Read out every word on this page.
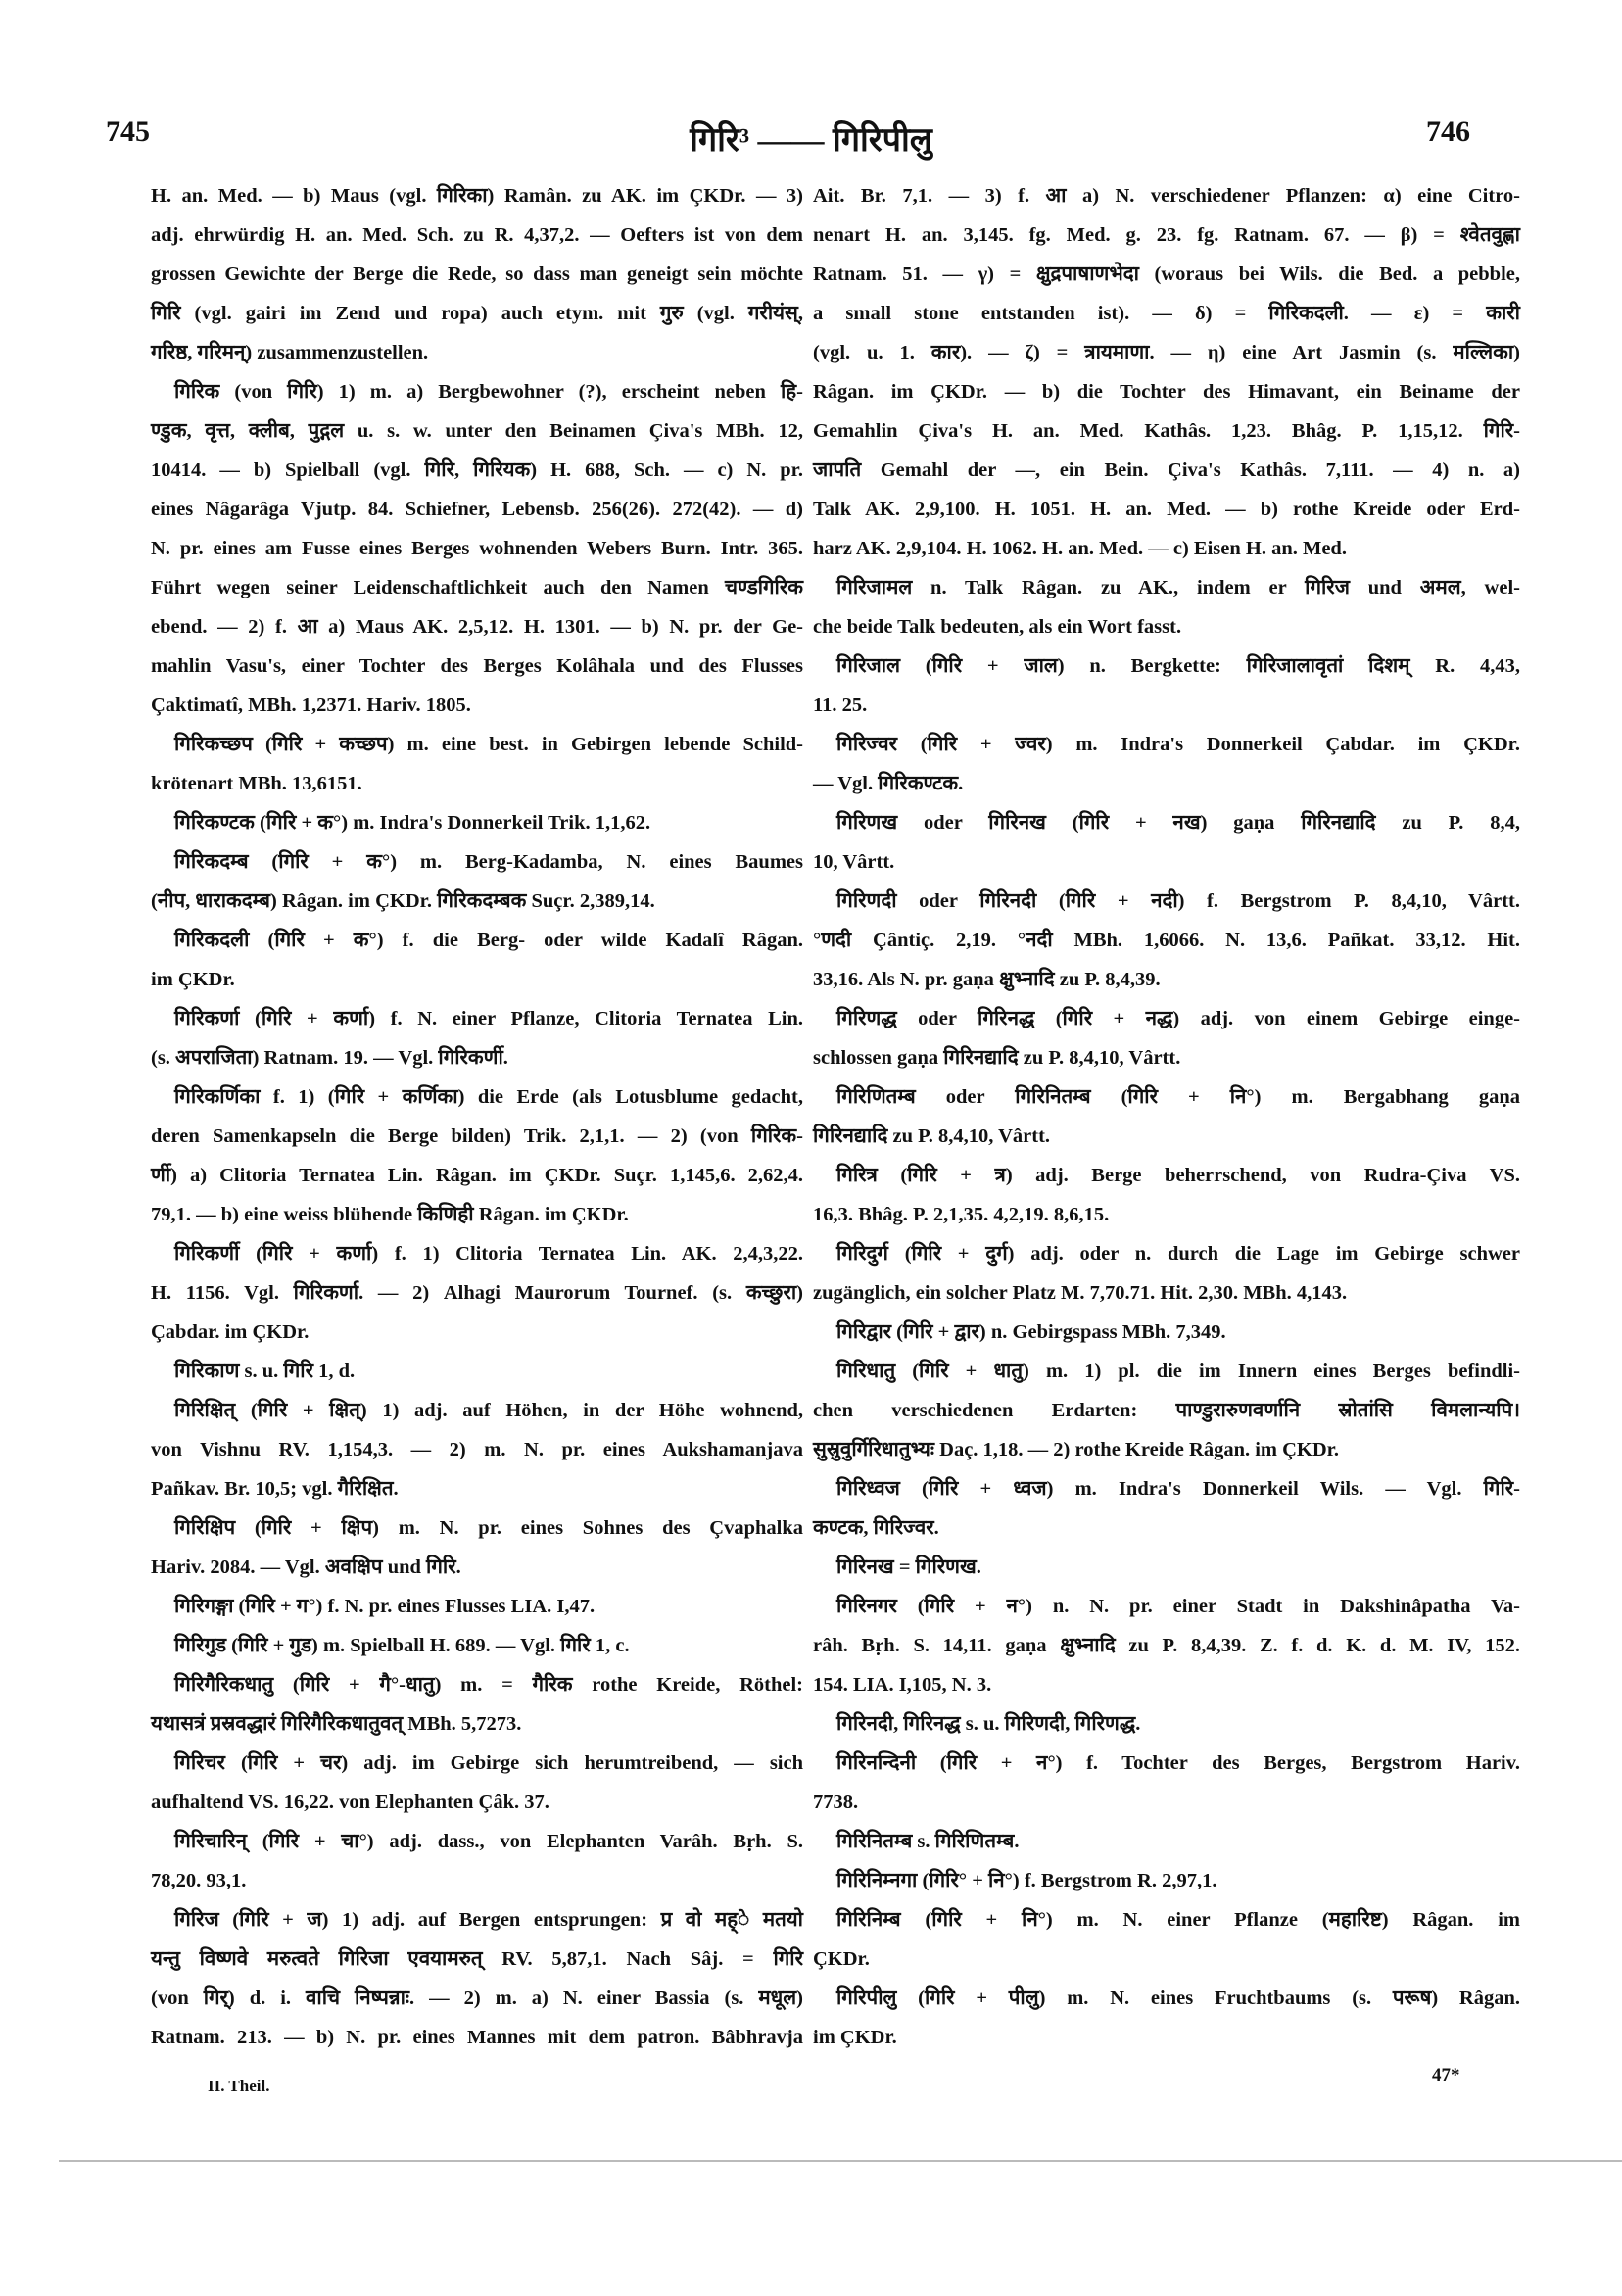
745	गिरि³ —— गिरिपीलु	746
H. an. Med. — b) Maus (vgl. गिरिका) Ramân. zu AK. im ÇKDr. — 3)
adj. ehrwürdig H. an. Med. Sch. zu R. 4,37,2. — Oefters ist von dem
grossen Gewichte der Berge die Rede, so dass man geneigt sein möchte
गिरि (vgl. gairi im Zend und ropa) auch etym. mit गुरु (vgl. गरीयंस्,
गरिष्ठ, गरिमन्) zusammenzustellen.
गिरिक (von गिरि) 1) m. a) Bergbewohner (?), erscheint neben हि-
ण्डुक, वृत्त, क्लीब, पुद्गल u. s. w. unter den Beinamen Çiva's MBh. 12,
10414. — b) Spielball (vgl. गिरि, गिरियक) H. 688, Sch. — c) N. pr.
eines Nâgarâga Vjutp. 84. Schiefner, Lebensb. 256(26). 272(42). — d)
N. pr. eines am Fusse eines Berges wohnenden Webers Burn. Intr. 365.
Führt wegen seiner Leidenschaftlichkeit auch den Namen चण्डगिरिक
ebend. — 2) f. आ a) Maus AK. 2,5,12. H. 1301. — b) N. pr. der Ge-
mahlin Vasu's, einer Tochter des Berges Kolâhala und des Flusses
Çaktimatî, MBh. 1,2371. Hariv. 1805.
गिरिकच्छप (गिरि + कच्छप) m. eine best. in Gebirgen lebende Schild-
krötenart MBh. 13,6151.
गिरिकण्टक (गिरि + क°) m. Indra's Donnerkeil Trik. 1,1,62.
गिरिकदम्ब (गिरि + क°) m. Berg-Kadamba, N. eines Baumes
(नीप, धाराकदम्ब) Râgan. im ÇKDr. गिरिकदम्बक Suçr. 2,389,14.
गिरिकदली (गिरि + क°) f. die Berg- oder wilde Kadalî Râgan.
im ÇKDr.
गिरिकर्णा (गिरि + कर्णा) f. N. einer Pflanze, Clitoria Ternatea Lin.
(s. अपराजिता) Ratnam. 19. — Vgl. गिरिकर्णी.
गिरिकर्णिका f. 1) (गिरि + कर्णिका) die Erde (als Lotusblume gedacht,
deren Samenkapseln die Berge bilden) Trik. 2,1,1. — 2) (von गिरिक-
र्णी) a) Clitoria Ternatea Lin. Râgan. im ÇKDr. Suçr. 1,145,6. 2,62,4.
79,1. — b) eine weiss blühende किणिही Râgan. im ÇKDr.
गिरिकर्णी (गिरि + कर्णा) f. 1) Clitoria Ternatea Lin. AK. 2,4,3,22.
H. 1156. Vgl. गिरिकर्णा. — 2) Alhagi Maurorum Tournef. (s. कच्छुरा)
Çabdar. im ÇKDr.
गिरिकाण s. u. गिरि 1, d.
गिरिक्षित् (गिरि + क्षित्) 1) adj. auf Höhen, in der Höhe wohnend,
von Vishnu RV. 1,154,3. — 2) m. N. pr. eines Aukshamanjava
Pañkav. Br. 10,5; vgl. गैरिक्षित.
गिरिक्षिप (गिरि + क्षिप) m. N. pr. eines Sohnes des Çvaphalka
Hariv. 2084. — Vgl. अवक्षिप und गिरि.
गिरिगङ्गा (गिरि + ग°) f. N. pr. eines Flusses LIA. I,47.
गिरिगुड (गिरि + गुड) m. Spielball H. 689. — Vgl. गिरि 1, c.
गिरिगैरिकधातु (गिरि + गै°-धातु) m. = गैरिक rothe Kreide, Röthel:
यथासत्रं प्रस्रवद्धारं गिरिगैरिकधातुवत् MBh. 5,7273.
गिरिचर (गिरि + चर) adj. im Gebirge sich herumtreibend, — sich
aufhaltend VS. 16,22. von Elephanten Çâk. 37.
गिरिचारिन् (गिरि + चा°) adj. dass., von Elephanten Varâh. Bṛh. S.
78,20. 93,1.
गिरिज (गिरि + ज) 1) adj. auf Bergen entsprungen: प्र वो मह्े मतयो
यन्तु विष्णवे मरुत्वते गिरिजा एवयामरुत् RV. 5,87,1. Nach Sâj. = गिरि
(von गिर्) d. i. वाचि निष्पन्नाः. — 2) m. a) N. einer Bassia (s. मधूल)
Ratnam. 213. — b) N. pr. eines Mannes mit dem patron. Bâbhravja
Ait. Br. 7,1. — 3) f. आ a) N. verschiedener Pflanzen: α) eine Citro-
nenart H. an. 3,145. fg. Med. g. 23. fg. Ratnam. 67. — β) = श्वेतवुह्णा
Ratnam. 51. — γ) = क्षुद्रपाषाणभेदा (woraus bei Wils. die Bed. a pebble,
a small stone entstanden ist). — δ) = गिरिकदली. — ε) = कारी
(vgl. u. 1. कार). — ζ) = त्रायमाणा. — η) eine Art Jasmin (s. मल्लिका)
Râgan. im ÇKDr. — b) die Tochter des Himavant, ein Beiname der
Gemahlin Çiva's H. an. Med. Kathâs. 1,23. Bhâg. P. 1,15,12. गिरि-
जापति Gemahl der —, ein Bein. Çiva's Kathâs. 7,111. — 4) n. a)
Talk AK. 2,9,100. H. 1051. H. an. Med. — b) rothe Kreide oder Erd-
harz AK. 2,9,104. H. 1062. H. an. Med. — c) Eisen H. an. Med.
गिरिजामल n. Talk Râgan. zu AK., indem er गिरिज und अमल, wel-
che beide Talk bedeuten, als ein Wort fasst.
गिरिजाल (गिरि + जाल) n. Bergkette: गिरिजालावृतां दिशम् R. 4,43,
11. 25.
गिरिज्वर (गिरि + ज्वर) m. Indra's Donnerkeil Çabdar. im ÇKDr.
— Vgl. गिरिकण्टक.
गिरिणख oder गिरिनख (गिरि + नख) gaṇa गिरिनद्यादि zu P. 8,4,
10, Vârtt.
गिरिणदी oder गिरिनदी (गिरि + नदी) f. Bergstrom P. 8,4,10, Vârtt.
°णदी Çântiç. 2,19. °नदी MBh. 1,6066. N. 13,6. Pañkat. 33,12. Hit.
33,16. Als N. pr. gaṇa क्षुभ्नादि zu P. 8,4,39.
गिरिणद्ध oder गिरिनद्ध (गिरि + नद्ध) adj. von einem Gebirge einge-
schlossen gaṇa गिरिनद्यादि zu P. 8,4,10, Vârtt.
गिरिणितम्ब oder गिरिनितम्ब (गिरि + नि°) m. Bergabhang gaṇa
गिरिनद्यादि zu P. 8,4,10, Vârtt.
गिरित्र (गिरि + त्र) adj. Berge beherrschend, von Rudra-Çiva VS.
16,3. Bhâg. P. 2,1,35. 4,2,19. 8,6,15.
गिरिदुर्ग (गिरि + दुर्ग) adj. oder n. durch die Lage im Gebirge schwer
zugänglich, ein solcher Platz M. 7,70.71. Hit. 2,30. MBh. 4,143.
गिरिद्वार (गिरि + द्वार) n. Gebirgspass MBh. 7,349.
गिरिधातु (गिरि + धातु) m. 1) pl. die im Innern eines Berges befindli-
chen verschiedenen Erdarten: पाण्डुरारुणवर्णानि स्रोतांसि विमलान्यपि।
सुस्रुवुर्गिरिधातुभ्यः Daç. 1,18. — 2) rothe Kreide Râgan. im ÇKDr.
गिरिध्वज (गिरि + ध्वज) m. Indra's Donnerkeil Wils. — Vgl. गिरि-
कण्टक, गिरिज्वर.
गिरिनख = गिरिणख.
गिरिनगर (गिरि + न°) n. N. pr. einer Stadt in Dakshinâpatha Va-
râh. Bṛh. S. 14,11. gaṇa क्षुभ्नादि zu P. 8,4,39. Z. f. d. K. d. M. IV, 152.
154. LIA. I,105, N. 3.
गिरिनदी, गिरिनद्ध s. u. गिरिणदी, गिरिणद्ध.
गिरिनन्दिनी (गिरि + न°) f. Tochter des Berges, Bergstrom Hariv.
7738.
गिरिनितम्ब s. गिरिणितम्ब.
गिरिनिम्नगा (गिरि° + नि°) f. Bergstrom R. 2,97,1.
गिरिनिम्ब (गिरि + नि°) m. N. einer Pflanze (महारिष्ट) Râgan. im
ÇKDr.
गिरिपीलु (गिरि + पीलु) m. N. eines Fruchtbaums (s. परूष) Râgan.
im ÇKDr.
II. Theil.
47*
